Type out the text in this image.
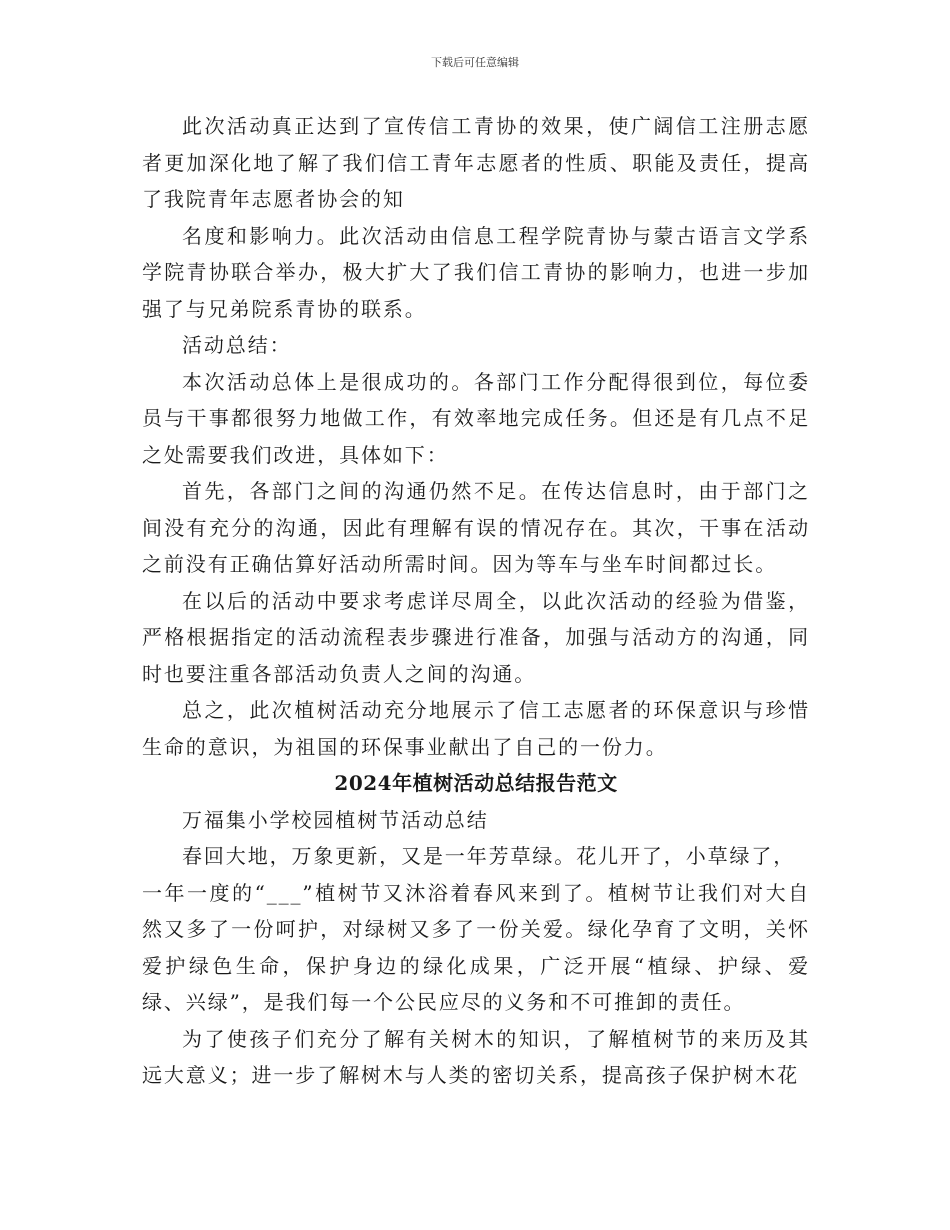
下载后可任意编辑

此次活动真正达到了宣传信工青协的效果，使广阔信工注册志愿者更加深化地了解了我们信工青年志愿者的性质、职能及责任，提高了我院青年志愿者协会的知

名度和影响力。此次活动由信息工程学院青协与蒙古语言文学系学院青协联合举办，极大扩大了我们信工青协的影响力，也进一步加强了与兄弟院系青协的联系。

活动总结：

本次活动总体上是很成功的。各部门工作分配得很到位，每位委员与干事都很努力地做工作，有效率地完成任务。但还是有几点不足之处需要我们改进，具体如下：

首先，各部门之间的沟通仍然不足。在传达信息时，由于部门之间没有充分的沟通，因此有理解有误的情况存在。其次，干事在活动之前没有正确估算好活动所需时间。因为等车与坐车时间都过长。

在以后的活动中要求考虑详尽周全，以此次活动的经验为借鉴，严格根据指定的活动流程表步骤进行准备，加强与活动方的沟通，同时也要注重各部活动负责人之间的沟通。

总之，此次植树活动充分地展示了信工志愿者的环保意识与珍惜生命的意识，为祖国的环保事业献出了自己的一份力。

2024年植树活动总结报告范文

万福集小学校园植树节活动总结

春回大地，万象更新，又是一年芳草绿。花儿开了，小草绿了，

一年一度的“___”植树节又沐浴着春风来到了。植树节让我们对大自然又多了一份呵护，对绿树又多了一份关爱。绿化孕育了文明，关怀爱护绿色生命，保护身边的绿化成果，广泛开展“植绿、护绿、爱绿、兴绿”，是我们每一个公民应尽的义务和不可推卸的责任。

为了使孩子们充分了解有关树木的知识，了解植树节的来历及其远大意义；进一步了解树木与人类的密切关系，提高孩子保护树木花
